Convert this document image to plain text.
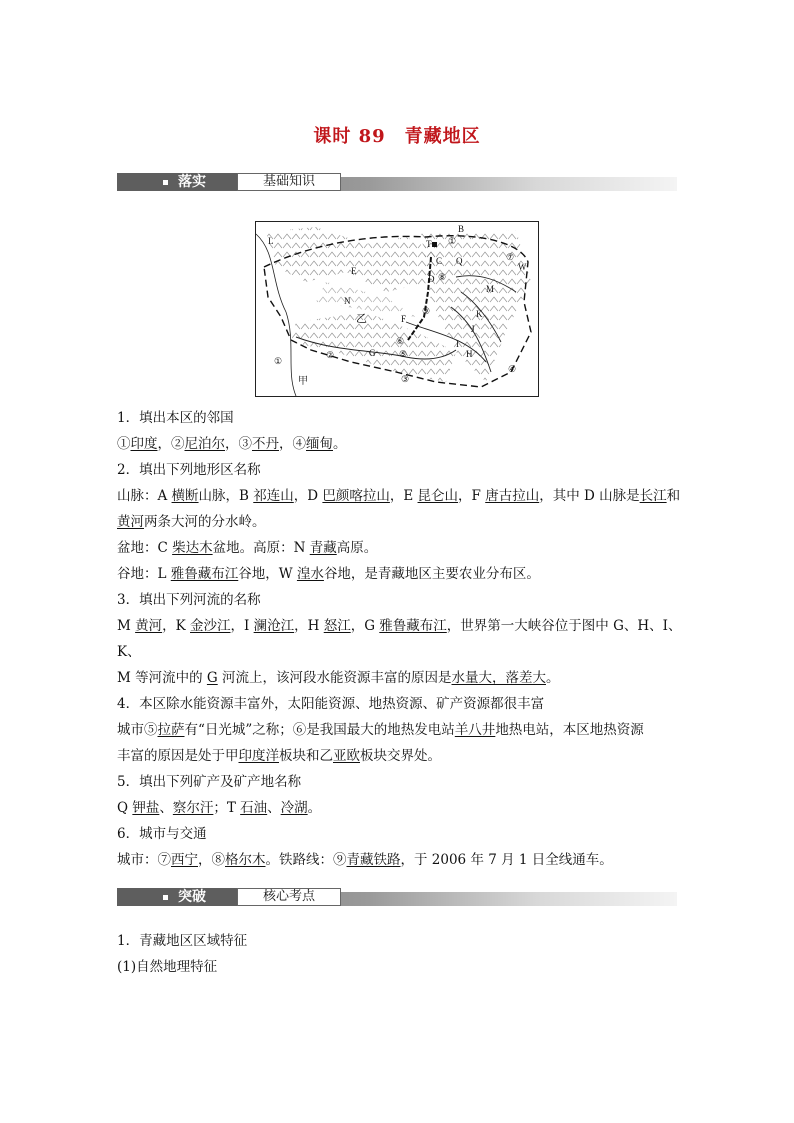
课时 89　青藏地区
落实	基础知识
B
T ①
Q
C	⑦
W
E
D ⑧
M
N
乙	F
⑨	K
J
I
H
⑥
⑤
G
③
②
④
①
甲
L

1．填出本区的邻国

①印度，②尼泊尔，③不丹，④缅甸。

2．填出下列地形区名称

山脉：A 横断山脉，B 祁连山，D 巴颜喀拉山，E 昆仑山，F 唐古拉山，其中 D 山脉是长江和

黄河两条大河的分水岭。

盆地：C 柴达木盆地。高原：N 青藏高原。

谷地：L 雅鲁藏布江谷地，W 湟水谷地，是青藏地区主要农业分布区。

3．填出下列河流的名称

M 黄河，K 金沙江，I 澜沧江，H 怒江，G 雅鲁藏布江，世界第一大峡谷位于图中 G、H、I、K、

M 等河流中的 G 河流上，该河段水能资源丰富的原因是水量大，落差大。

4．本区除水能资源丰富外，太阳能资源、地热资源、矿产资源都很丰富

城市⑤拉萨有“日光城”之称；⑥是我国最大的地热发电站羊八井地热电站，本区地热资源

丰富的原因是处于甲印度洋板块和乙亚欧板块交界处。

5．填出下列矿产及矿产地名称

Q 钾盐、察尔汗；T 石油、冷湖。

6．城市与交通

城市：⑦西宁，⑧格尔木。铁路线：⑨青藏铁路，于 2006 年 7 月 1 日全线通车。

突破	核心考点

1．青藏地区区域特征

(1)自然地理特征
